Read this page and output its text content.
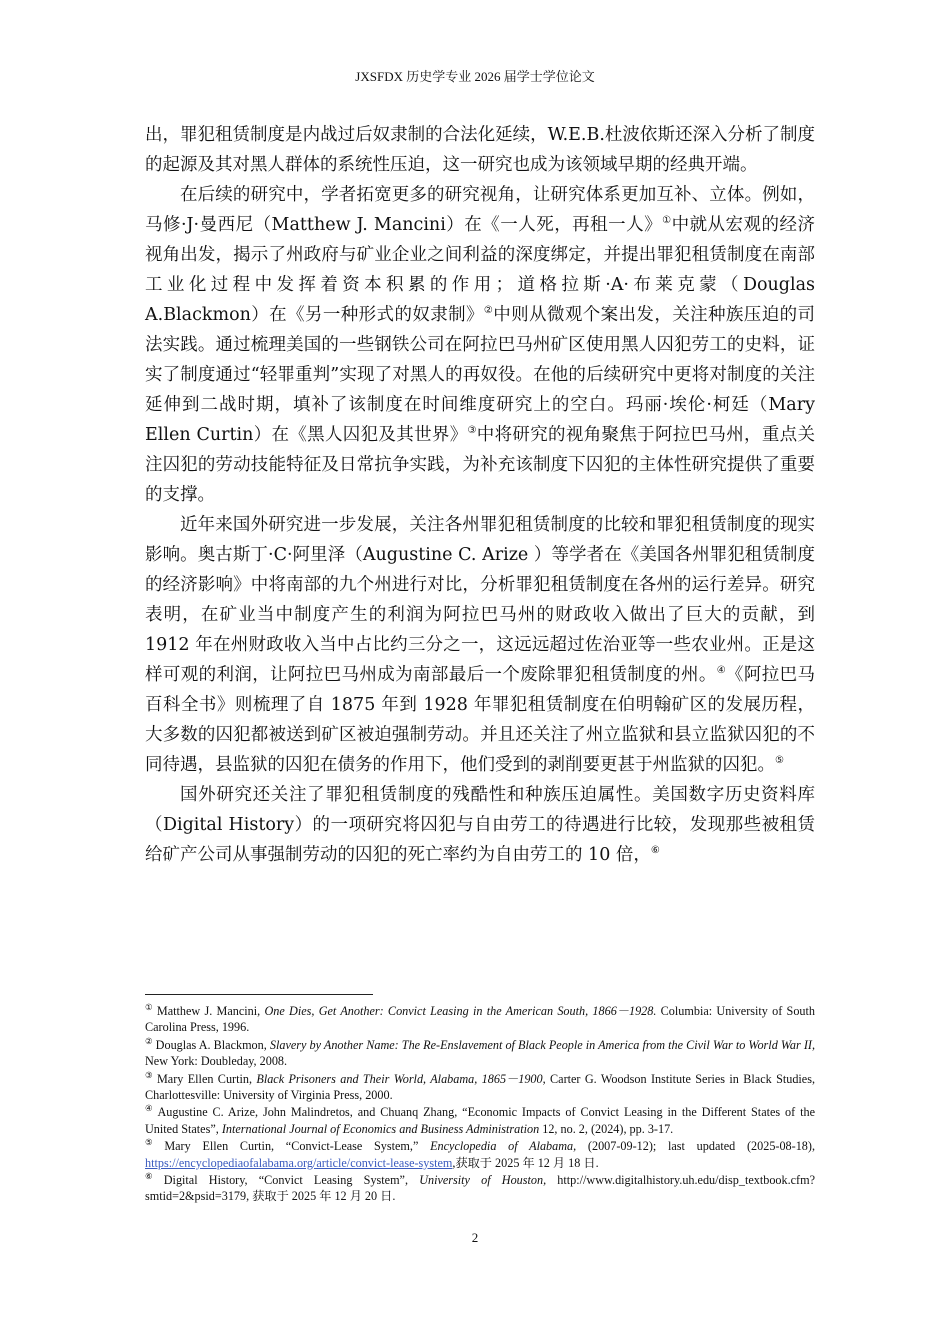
JXSFDX 历史学专业 2026 届学士学位论文

出，罪犯租赁制度是内战过后奴隶制的合法化延续，W.E.B.杜波依斯还深入分析了制度的起源及其对黑人群体的系统性压迫，这一研究也成为该领域早期的经典开端。

在后续的研究中，学者拓宽更多的研究视角，让研究体系更加互补、立体。例如，马修·J·曼西尼（Matthew J. Mancini）在《一人死，再租一人》①中就从宏观的经济视角出发，揭示了州政府与矿业企业之间利益的深度绑定，并提出罪犯租赁制度在南部工业化过程中发挥着资本积累的作用；道格拉斯·A·布莱克蒙（Douglas A.Blackmon）在《另一种形式的奴隶制》②中则从微观个案出发，关注种族压迫的司法实践。通过梳理美国的一些钢铁公司在阿拉巴马州矿区使用黑人囚犯劳工的史料，证实了制度通过“轻罪重判”实现了对黑人的再奴役。在他的后续研究中更将对制度的关注延伸到二战时期，填补了该制度在时间维度研究上的空白。玛丽·埃伦·柯廷（Mary Ellen Curtin）在《黑人囚犯及其世界》③中将研究的视角聚焦于阿拉巴马州，重点关注囚犯的劳动技能特征及日常抗争实践，为补充该制度下囚犯的主体性研究提供了重要的支撑。

近年来国外研究进一步发展，关注各州罪犯租赁制度的比较和罪犯租赁制度的现实影响。奥古斯丁·C·阿里泽（Augustine C. Arize ）等学者在《美国各州罪犯租赁制度的经济影响》中将南部的九个州进行对比，分析罪犯租赁制度在各州的运行差异。研究表明，在矿业当中制度产生的利润为阿拉巴马州的财政收入做出了巨大的贡献，到 1912 年在州财政收入当中占比约三分之一，这远远超过佐治亚等一些农业州。正是这样可观的利润，让阿拉巴马州成为南部最后一个废除罪犯租赁制度的州。④《阿拉巴马百科全书》则梳理了自 1875 年到 1928 年罪犯租赁制度在伯明翰矿区的发展历程，大多数的囚犯都被送到矿区被迫强制劳动。并且还关注了州立监狱和县立监狱囚犯的不同待遇，县监狱的囚犯在债务的作用下，他们受到的剥削要更甚于州监狱的囚犯。⑤

国外研究还关注了罪犯租赁制度的残酷性和种族压迫属性。美国数字历史资料库（Digital History）的一项研究将囚犯与自由劳工的待遇进行比较，发现那些被租赁给矿产公司从事强制劳动的囚犯的死亡率约为自由劳工的 10 倍，⑥

① Matthew J. Mancini, One Dies, Get Another: Convict Leasing in the American South, 1866－1928. Columbia: University of South Carolina Press, 1996.
② Douglas A. Blackmon, Slavery by Another Name: The Re-Enslavement of Black People in America from the Civil War to World War II, New York: Doubleday, 2008.
③ Mary Ellen Curtin, Black Prisoners and Their World, Alabama, 1865－1900, Carter G. Woodson Institute Series in Black Studies, Charlottesville: University of Virginia Press, 2000.
④ Augustine C. Arize, John Malindretos, and Chuanq Zhang, “Economic Impacts of Convict Leasing in the Different States of the United States”, International Journal of Economics and Business Administration 12, no. 2, (2024), pp. 3-17.
⑤ Mary Ellen Curtin, “Convict-Lease System,” Encyclopedia of Alabama, (2007-09-12); last updated (2025-08-18), https://encyclopediaofalabama.org/article/convict-lease-system,获取于 2025 年 12 月 18 日.
⑥ Digital History, “Convict Leasing System”, University of Houston, http://www.digitalhistory.uh.edu/disp_textbook.cfm?smtid=2&psid=3179, 获取于 2025 年 12 月 20 日.
2
